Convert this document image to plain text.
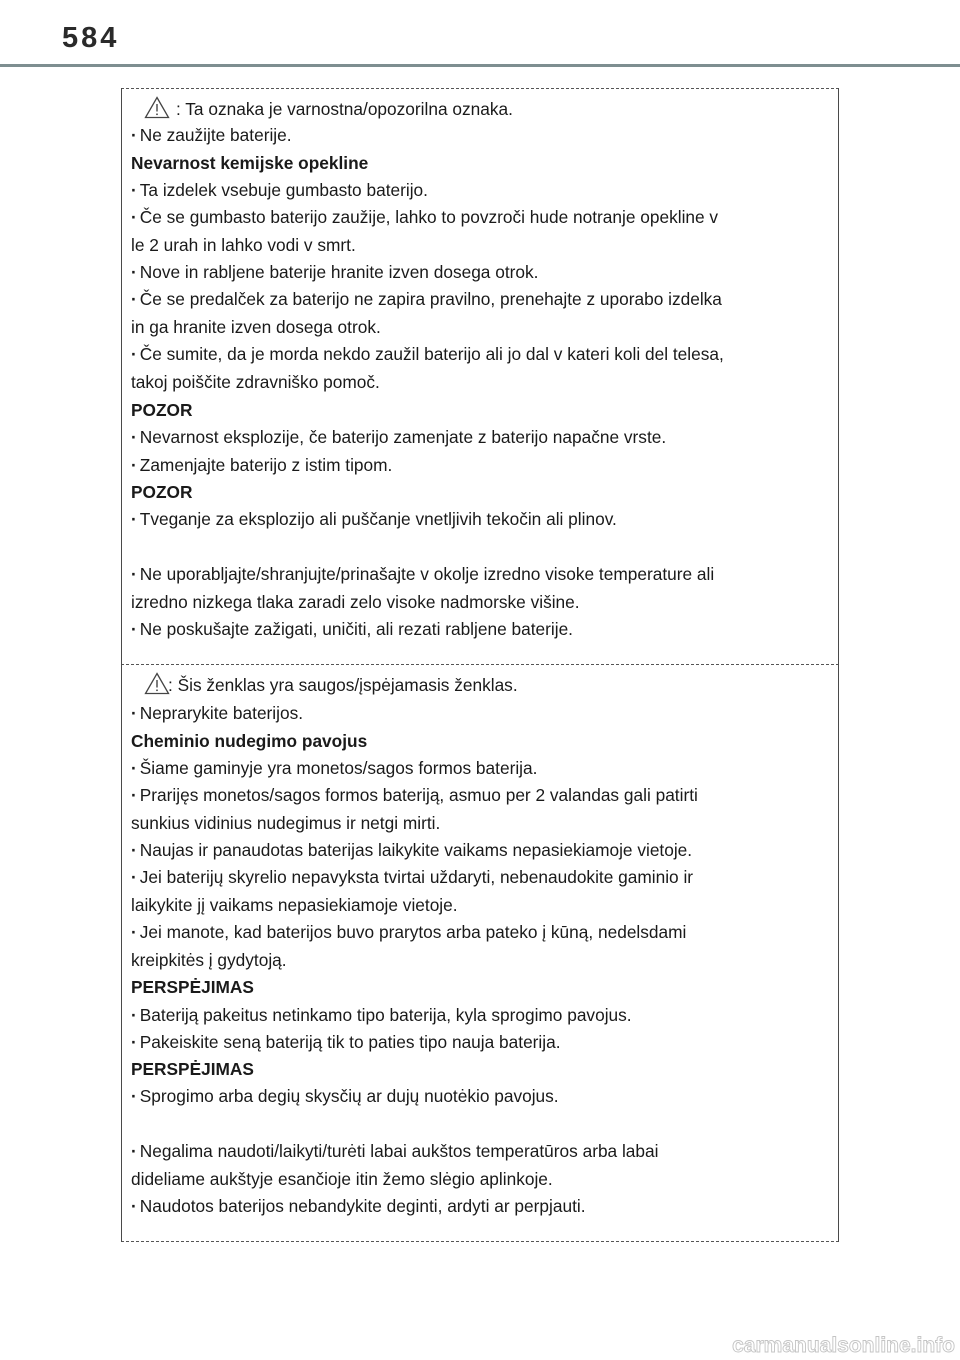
584
: Ta oznaka je varnostna/opozorilna oznaka.
· Ne zaužijte baterije.
Nevarnost kemijske opekline
· Ta izdelek vsebuje gumbasto baterijo.
· Če se gumbasto baterijo zaužije, lahko to povzroči hude notranje opekline v
le 2 urah in lahko vodi v smrt.
· Nove in rabljene baterije hranite izven dosega otrok.
· Če se predalček za baterijo ne zapira pravilno, prenehajte z uporabo izdelka
in ga hranite izven dosega otrok.
· Če sumite, da je morda nekdo zaužil baterijo ali jo dal v kateri koli del telesa,
takoj poiščite zdravniško pomoč.
POZOR
· Nevarnost eksplozije, če baterijo zamenjate z baterijo napačne vrste.
· Zamenjajte baterijo z istim tipom.
POZOR
· Tveganje za eksplozijo ali puščanje vnetljivih tekočin ali plinov.
· Ne uporabljajte/shranjujte/prinašajte v okolje izredno visoke temperature ali
izredno nizkega tlaka zaradi zelo visoke nadmorske višine.
· Ne poskušajte zažigati, uničiti, ali rezati rabljene baterije.
: Šis ženklas yra saugos/įspėjamasis ženklas.
· Neprarykite baterijos.
Cheminio nudegimo pavojus
· Šiame gaminyje yra monetos/sagos formos baterija.
· Prarijęs monetos/sagos formos bateriją, asmuo per 2 valandas gali patirti
sunkius vidinius nudegimus ir netgi mirti.
· Naujas ir panaudotas baterijas laikykite vaikams nepasiekiamoje vietoje.
· Jei baterijų skyrelio nepavyksta tvirtai uždaryti, nebenaudokite gaminio ir
laikykite jį vaikams nepasiekiamoje vietoje.
· Jei manote, kad baterijos buvo prarytos arba pateko į kūną, nedelsdami
kreipkitės į gydytoją.
PERSPĖJIMAS
· Bateriją pakeitus netinkamo tipo baterija, kyla sprogimo pavojus.
· Pakeiskite seną bateriją tik to paties tipo nauja baterija.
PERSPĖJIMAS
· Sprogimo arba degių skysčių ar dujų nuotėkio pavojus.
· Negalima naudoti/laikyti/turėti labai aukštos temperatūros arba labai
dideliame aukštyje esančioje itin žemo slėgio aplinkoje.
· Naudotos baterijos nebandykite deginti, ardyti ar perpjauti.
carmanualsonline.info
